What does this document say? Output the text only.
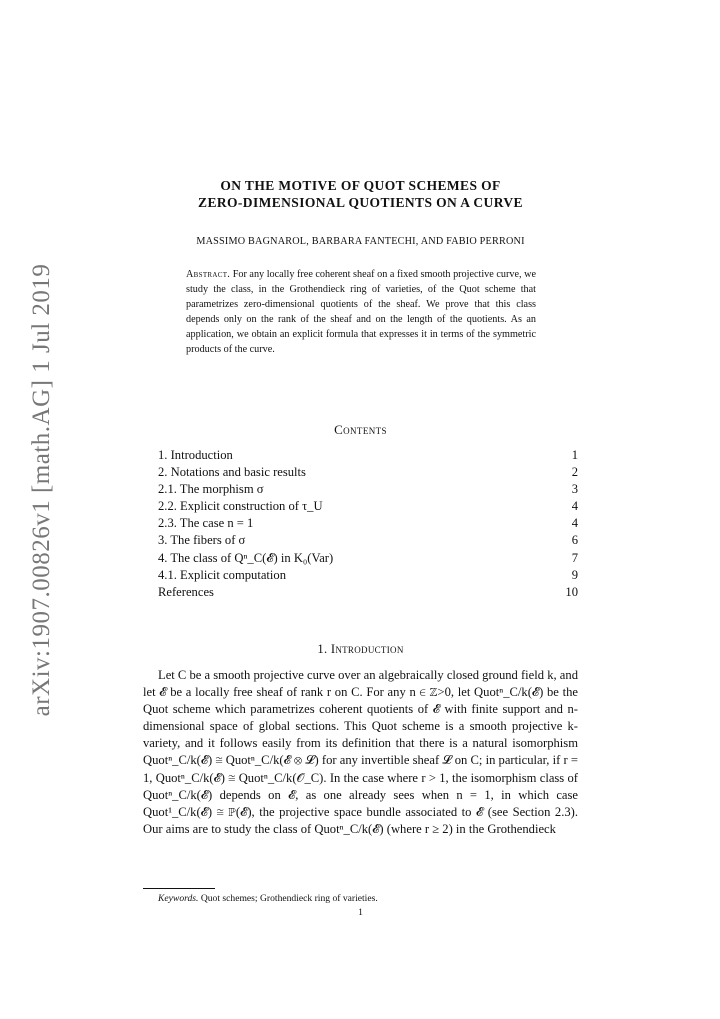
arXiv:1907.00826v1 [math.AG] 1 Jul 2019
ON THE MOTIVE OF QUOT SCHEMES OF
ZERO-DIMENSIONAL QUOTIENTS ON A CURVE
MASSIMO BAGNAROL, BARBARA FANTECHI, AND FABIO PERRONI
Abstract. For any locally free coherent sheaf on a fixed smooth projective curve, we study the class, in the Grothendieck ring of varieties, of the Quot scheme that parametrizes zero-dimensional quotients of the sheaf. We prove that this class depends only on the rank of the sheaf and on the length of the quotients. As an application, we obtain an explicit formula that expresses it in terms of the symmetric products of the curve.
Contents
1. Introduction	1
2. Notations and basic results	2
2.1. The morphism σ	3
2.2. Explicit construction of τ_U	4
2.3. The case n = 1	4
3. The fibers of σ	6
4. The class of Qⁿ_C(𝓔) in K₀(Var)	7
4.1. Explicit computation	9
References	10
1. Introduction

Let C be a smooth projective curve over an algebraically closed ground field k, and let 𝓔 be a locally free sheaf of rank r on C. For any n ∈ ℤ>0, let Quotⁿ_C/k(𝓔) be the Quot scheme which parametrizes coherent quotients of 𝓔 with finite support and n-dimensional space of global sections. This Quot scheme is a smooth projective k-variety, and it follows easily from its definition that there is a natural isomorphism Quotⁿ_C/k(𝓔) ≅ Quotⁿ_C/k(𝓔 ⊗ 𝓛) for any invertible sheaf 𝓛 on C; in particular, if r = 1, Quotⁿ_C/k(𝓔) ≅ Quotⁿ_C/k(𝒪_C). In the case where r > 1, the isomorphism class of Quotⁿ_C/k(𝓔) depends on 𝓔, as one already sees when n = 1, in which case Quot¹_C/k(𝓔) ≅ ℙ(𝓔), the projective space bundle associated to 𝓔 (see Section 2.3). Our aims are to study the class of Quotⁿ_C/k(𝓔) (where r ≥ 2) in the Grothendieck

Keywords. Quot schemes; Grothendieck ring of varieties.
1
